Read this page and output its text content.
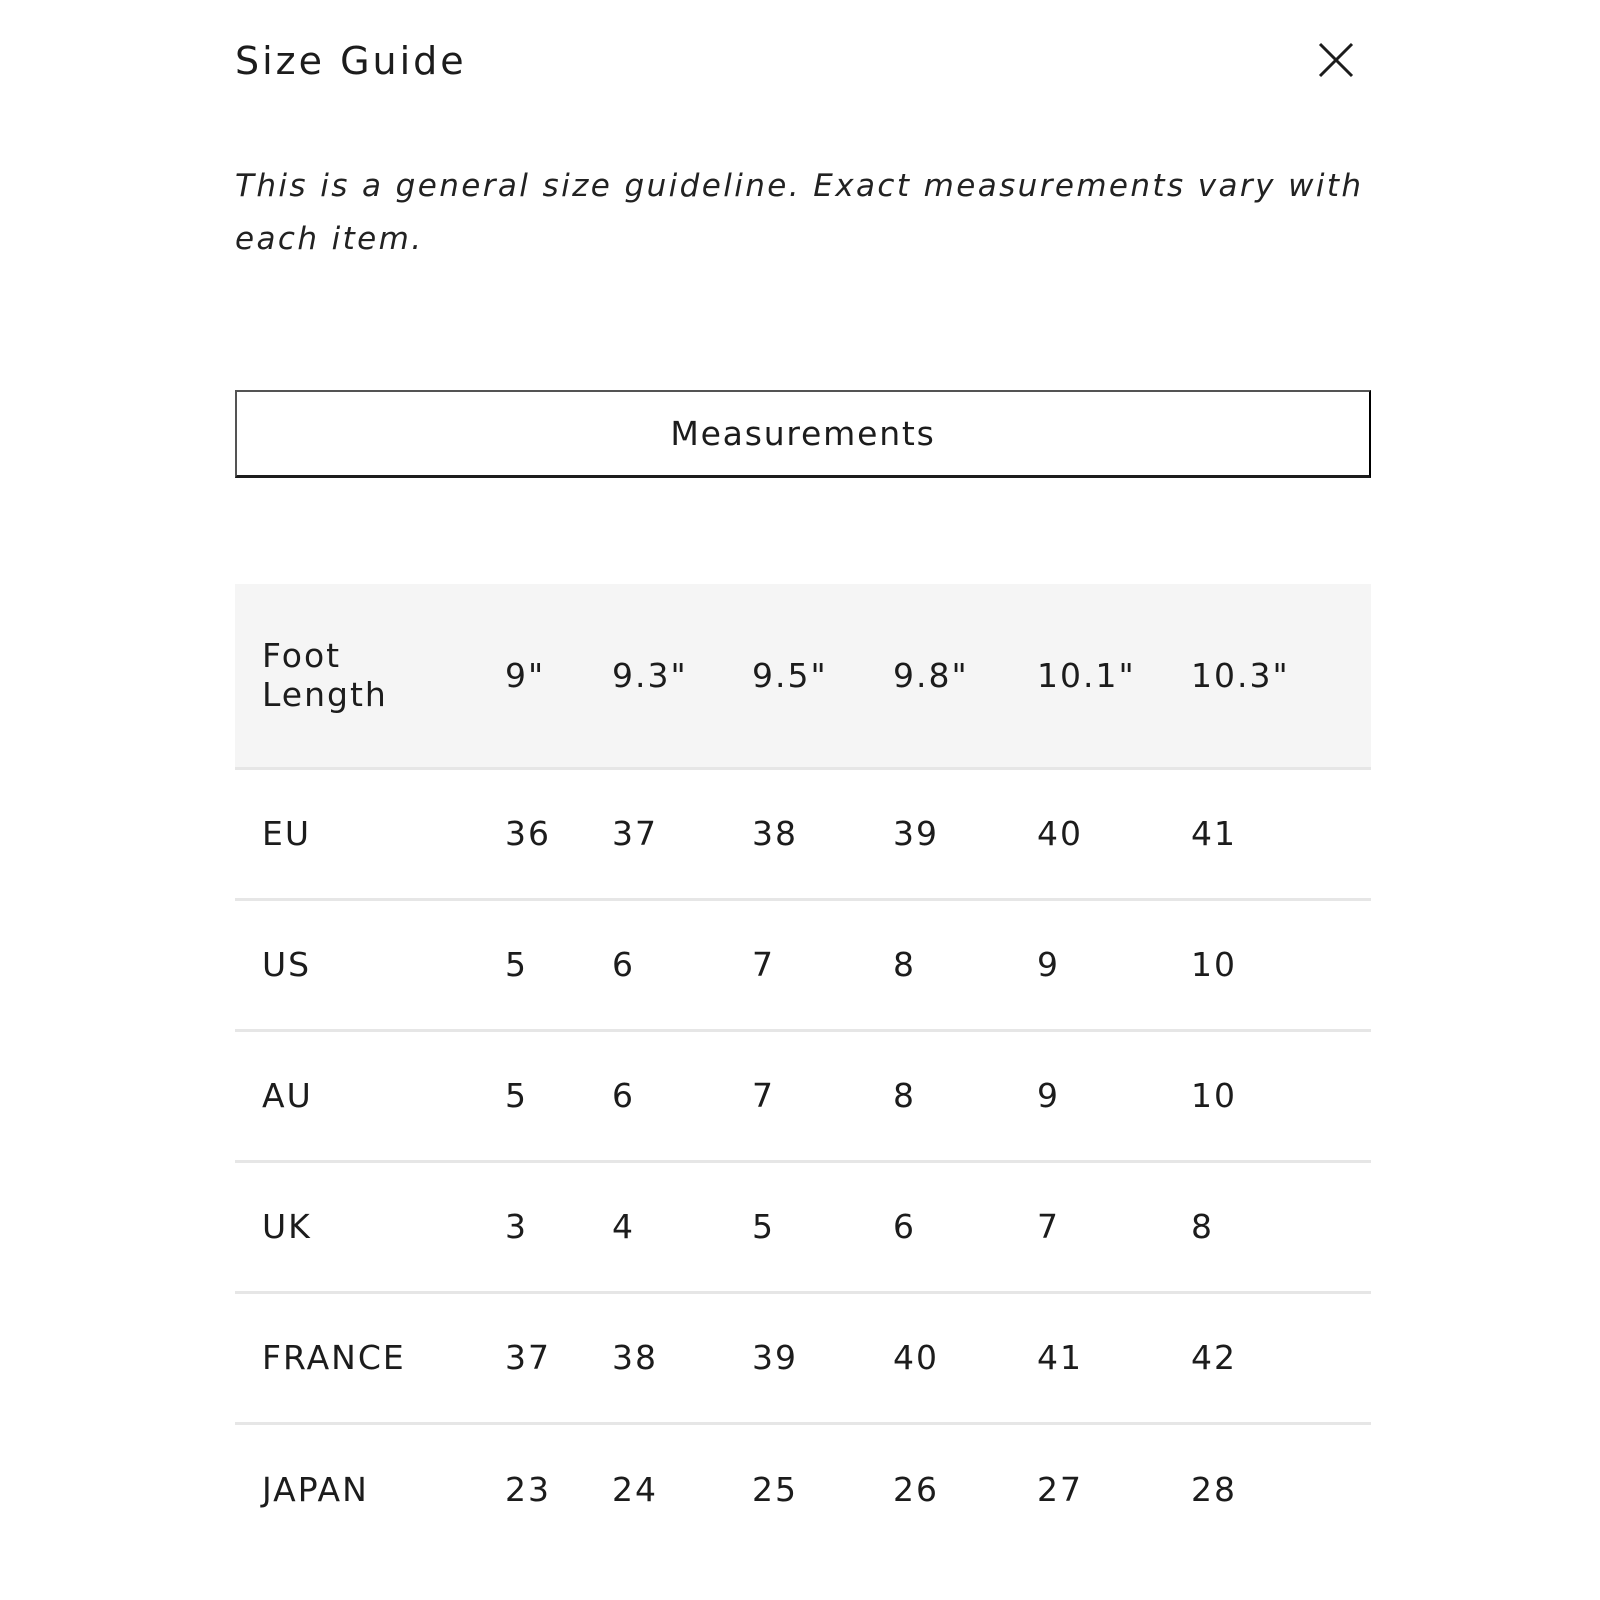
Size Guide

This is a general size guideline. Exact measurements vary with each item.

Measurements
Foot
Length	9"	9.3"	9.5"	9.8"	10.1"	10.3"
EU	36	37	38	39	40	41
US	5	6	7	8	9	10
AU	5	6	7	8	9	10
UK	3	4	5	6	7	8
FRANCE	37	38	39	40	41	42
JAPAN	23	24	25	26	27	28
